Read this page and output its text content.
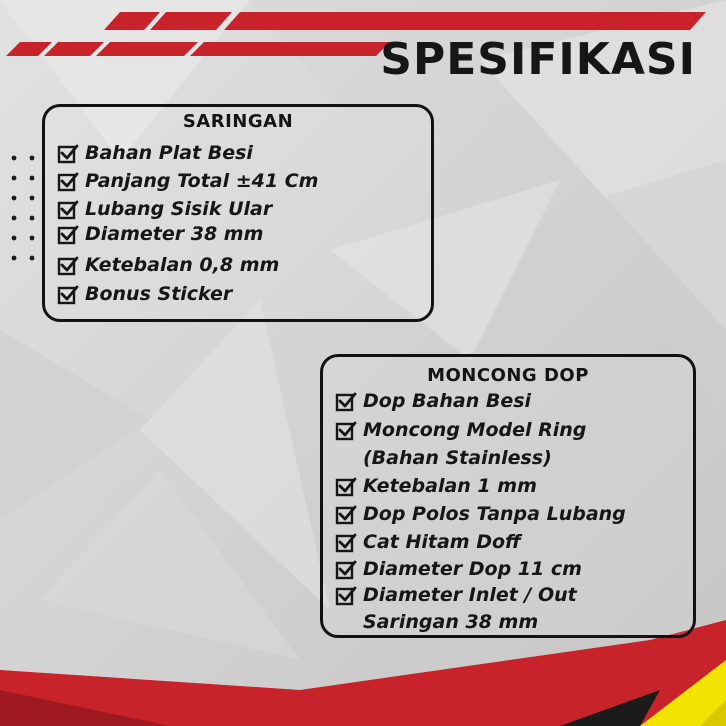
SPESIFIKASI
SARINGAN
Bahan Plat Besi
Panjang Total ±41 Cm
Lubang Sisik Ular
Diameter 38 mm
Ketebalan 0,8 mm
Bonus Sticker
MONCONG DOP
Dop Bahan Besi
Moncong Model Ring
(Bahan Stainless)
Ketebalan 1 mm
Dop Polos Tanpa Lubang
Cat Hitam Doff
Diameter Dop 11 cm
Diameter Inlet / Out
Saringan 38 mm
